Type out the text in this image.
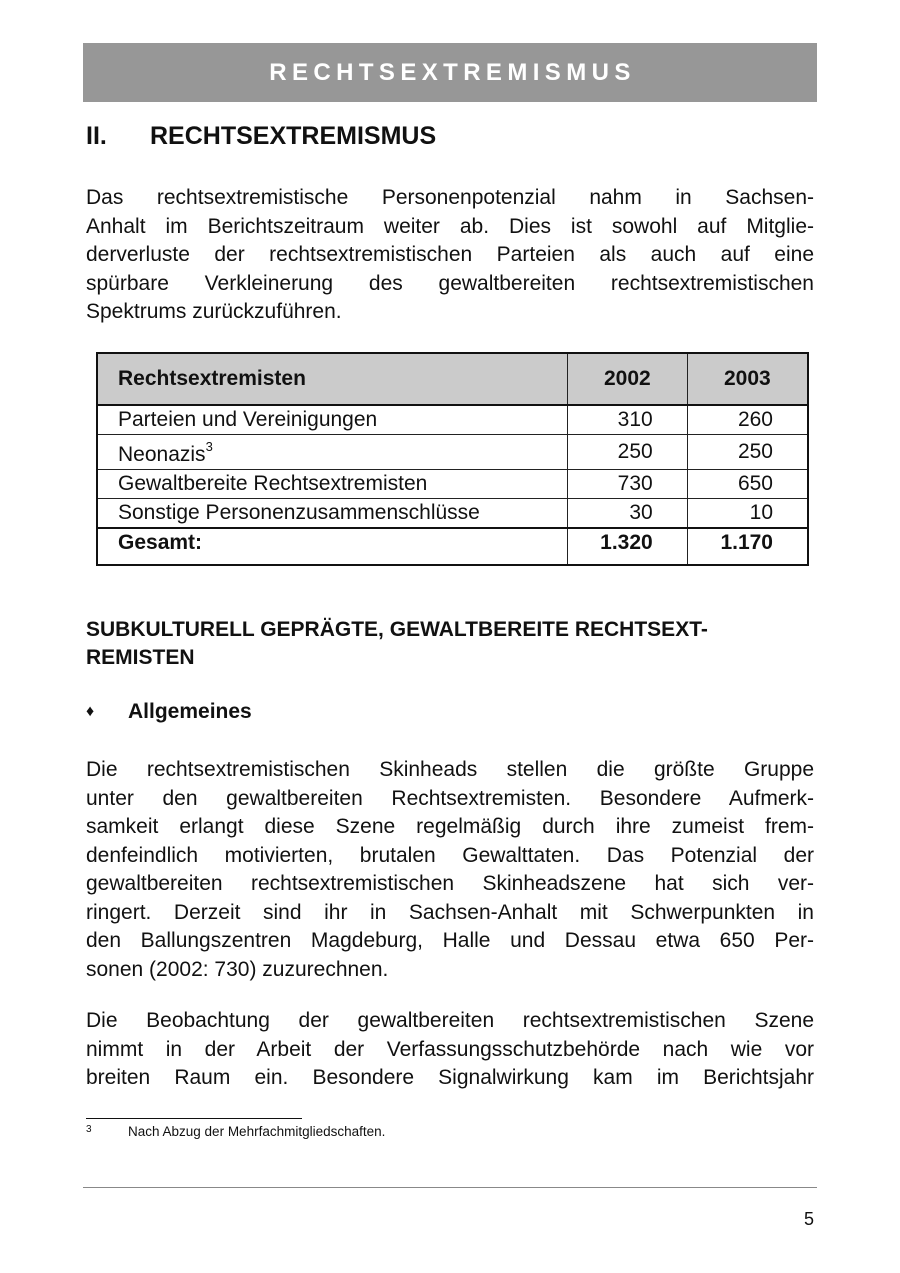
RECHTSEXTREMISMUS
II.	RECHTSEXTREMISMUS
Das rechtsextremistische Personenpotenzial nahm in Sachsen-
Anhalt im Berichtszeitraum weiter ab. Dies ist sowohl auf Mitglie-
derverluste der rechtsextremistischen Parteien als auch auf eine
spürbare Verkleinerung des gewaltbereiten rechtsextremistischen
Spektrums zurückzuführen.
Rechtsextremisten	2002	2003
Parteien und Vereinigungen	310	260
Neonazis$^3$	250	250
Gewaltbereite Rechtsextremisten	730	650
Sonstige Personenzusammenschlüsse	30	10
Gesamt:	1.320	1.170
SUBKULTURELL GEPRÄGTE, GEWALTBEREITE RECHTSEXT-
REMISTEN
♦	Allgemeines
Die rechtsextremistischen Skinheads stellen die größte Gruppe
unter den gewaltbereiten Rechtsextremisten. Besondere Aufmerk-
samkeit erlangt diese Szene regelmäßig durch ihre zumeist frem-
denfeindlich motivierten, brutalen Gewalttaten. Das Potenzial der
gewaltbereiten rechtsextremistischen Skinheadszene hat sich ver-
ringert. Derzeit sind ihr in Sachsen-Anhalt mit Schwerpunkten in
den Ballungszentren Magdeburg, Halle und Dessau etwa 650 Per-
sonen (2002: 730) zuzurechnen.
Die Beobachtung der gewaltbereiten rechtsextremistischen Szene
nimmt in der Arbeit der Verfassungsschutzbehörde nach wie vor
breiten Raum ein. Besondere Signalwirkung kam im Berichtsjahr
3	Nach Abzug der Mehrfachmitgliedschaften.
5
